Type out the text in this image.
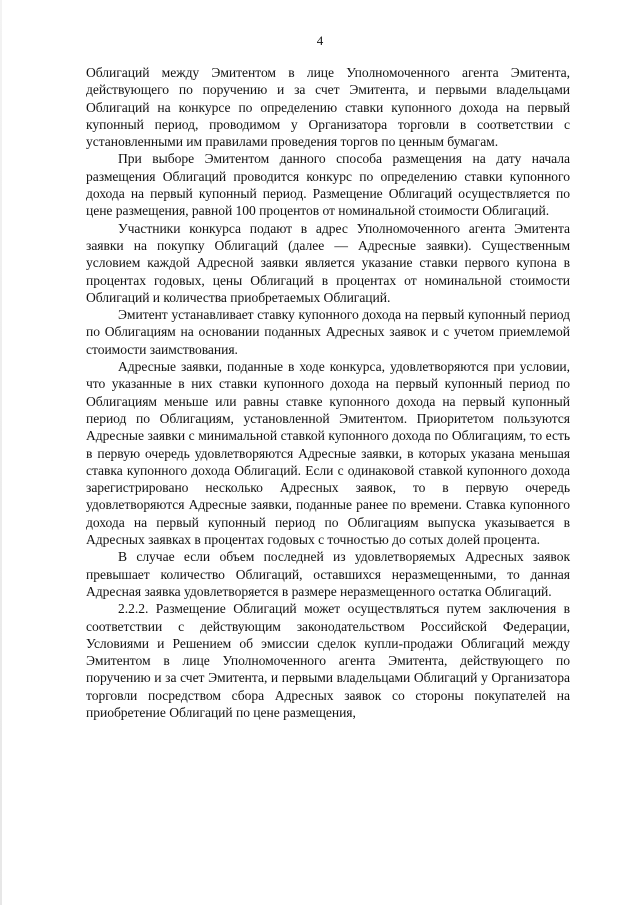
4

Облигаций между Эмитентом в лице Уполномоченного агента Эмитента, действующего по поручению и за счет Эмитента, и первыми владельцами Облигаций на конкурсе по определению ставки купонного дохода на первый купонный период, проводимом у Организатора торговли в соответствии с установленными им правилами проведения торгов по ценным бумагам.

При выборе Эмитентом данного способа размещения на дату начала размещения Облигаций проводится конкурс по определению ставки купонного дохода на первый купонный период. Размещение Облигаций осуществляется по цене размещения, равной 100 процентов от номинальной стоимости Облигаций.

Участники конкурса подают в адрес Уполномоченного агента Эмитента заявки на покупку Облигаций (далее — Адресные заявки). Существенным условием каждой Адресной заявки является указание ставки первого купона в процентах годовых, цены Облигаций в процентах от номинальной стоимости Облигаций и количества приобретаемых Облигаций.

Эмитент устанавливает ставку купонного дохода на первый купонный период по Облигациям на основании поданных Адресных заявок и с учетом приемлемой стоимости заимствования.

Адресные заявки, поданные в ходе конкурса, удовлетворяются при условии, что указанные в них ставки купонного дохода на первый купонный период по Облигациям меньше или равны ставке купонного дохода на первый купонный период по Облигациям, установленной Эмитентом. Приоритетом пользуются Адресные заявки с минимальной ставкой купонного дохода по Облигациям, то есть в первую очередь удовлетворяются Адресные заявки, в которых указана меньшая ставка купонного дохода Облигаций. Если с одинаковой ставкой купонного дохода зарегистрировано несколько Адресных заявок, то в первую очередь удовлетворяются Адресные заявки, поданные ранее по времени. Ставка купонного дохода на первый купонный период по Облигациям выпуска указывается в Адресных заявках в процентах годовых с точностью до сотых долей процента.

В случае если объем последней из удовлетворяемых Адресных заявок превышает количество Облигаций, оставшихся неразмещенными, то данная Адресная заявка удовлетворяется в размере неразмещенного остатка Облигаций.

2.2.2. Размещение Облигаций может осуществляться путем заключения в соответствии с действующим законодательством Российской Федерации, Условиями и Решением об эмиссии сделок купли-продажи Облигаций между Эмитентом в лице Уполномоченного агента Эмитента, действующего по поручению и за счет Эмитента, и первыми владельцами Облигаций у Организатора торговли посредством сбора Адресных заявок со стороны покупателей на приобретение Облигаций по цене размещения,
